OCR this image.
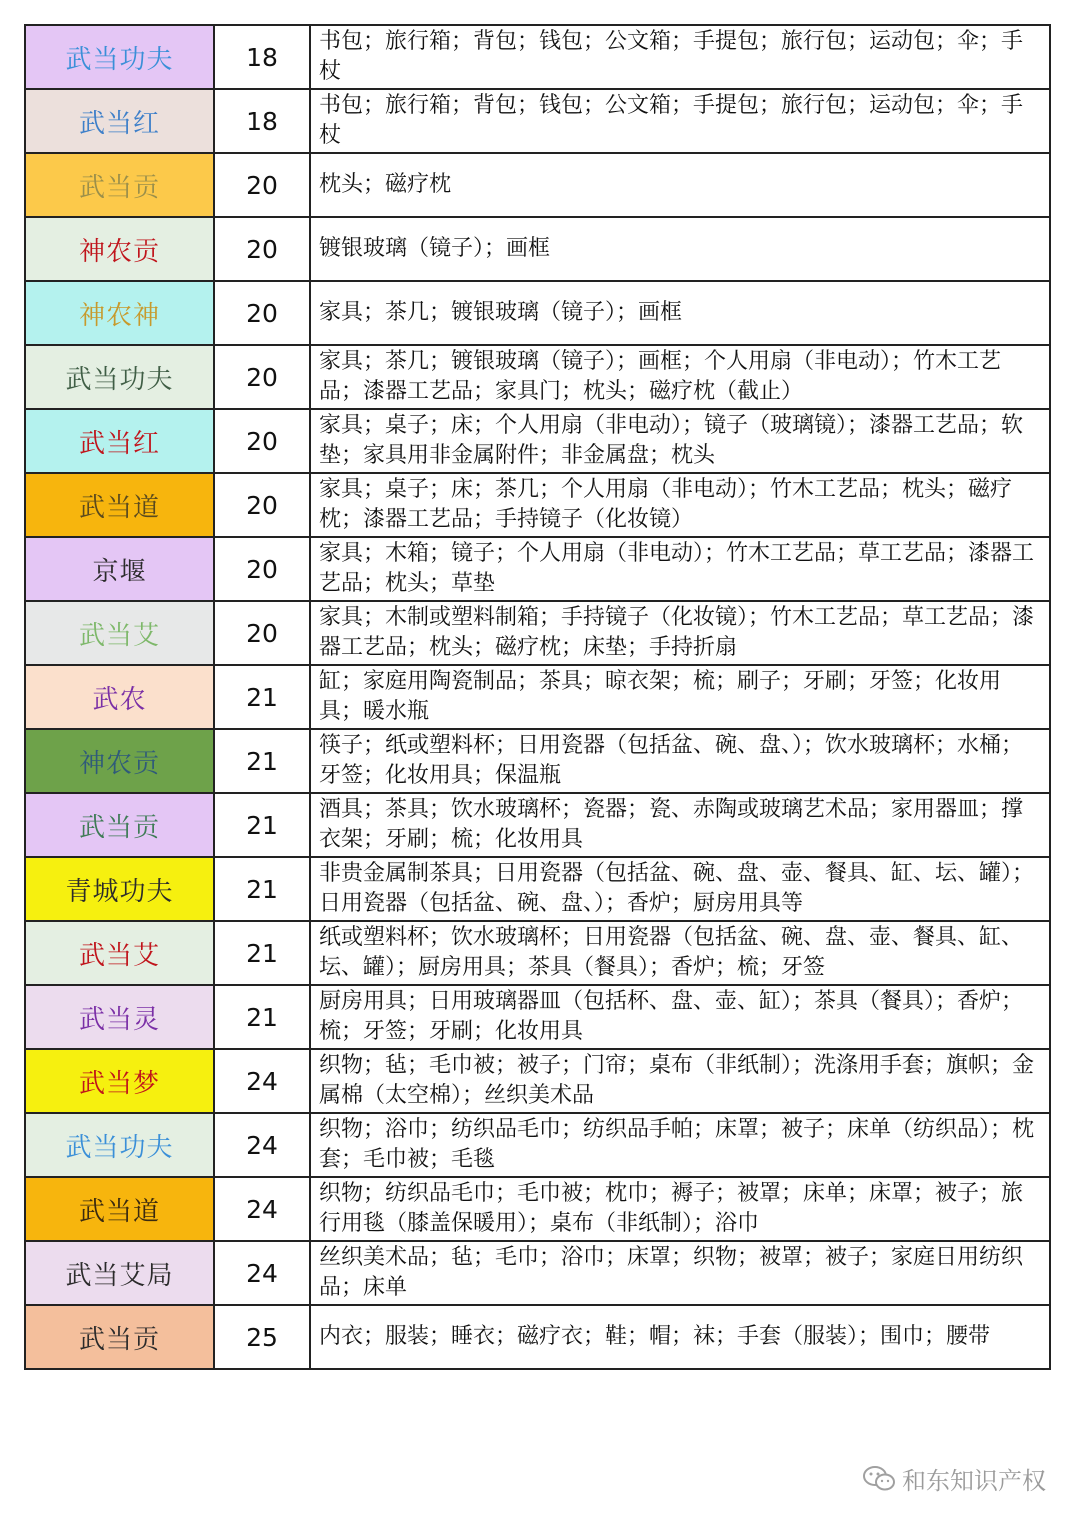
武当功夫	18	书包；旅行箱；背包；钱包；公文箱；手提包；旅行包；运动包；伞；手杖
武当红	18	书包；旅行箱；背包；钱包；公文箱；手提包；旅行包；运动包；伞；手杖
武当贡	20	枕头；磁疗枕
神农贡	20	镀银玻璃（镜子）；画框
神农神	20	家具；茶几；镀银玻璃（镜子）；画框
武当功夫	20	家具；茶几；镀银玻璃（镜子）；画框；个人用扇（非电动）；竹木工艺品；漆器工艺品；家具门；枕头；磁疗枕（截止）
武当红	20	家具；桌子；床；个人用扇（非电动）；镜子（玻璃镜）；漆器工艺品；软垫；家具用非金属附件；非金属盘；枕头
武当道	20	家具；桌子；床；茶几；个人用扇（非电动）；竹木工艺品；枕头；磁疗枕；漆器工艺品；手持镜子（化妆镜）
京堰	20	家具；木箱；镜子；个人用扇（非电动）；竹木工艺品；草工艺品；漆器工艺品；枕头；草垫
武当艾	20	家具；木制或塑料制箱；手持镜子（化妆镜）；竹木工艺品；草工艺品；漆器工艺品；枕头；磁疗枕；床垫；手持折扇
武农	21	缸；家庭用陶瓷制品；茶具；晾衣架；梳；刷子；牙刷；牙签；化妆用具；暖水瓶
神农贡	21	筷子；纸或塑料杯；日用瓷器（包括盆、碗、盘、）；饮水玻璃杯；水桶；牙签；化妆用具；保温瓶
武当贡	21	酒具；茶具；饮水玻璃杯；瓷器；瓷、赤陶或玻璃艺术品；家用器皿；撑衣架；牙刷；梳；化妆用具
青城功夫	21	非贵金属制茶具；日用瓷器（包括盆、碗、盘、壶、餐具、缸、坛、罐）；日用瓷器（包括盆、碗、盘、）；香炉；厨房用具等
武当艾	21	纸或塑料杯；饮水玻璃杯；日用瓷器（包括盆、碗、盘、壶、餐具、缸、坛、罐）；厨房用具；茶具（餐具）；香炉；梳；牙签
武当灵	21	厨房用具；日用玻璃器皿（包括杯、盘、壶、缸）；茶具（餐具）；香炉；梳；牙签；牙刷；化妆用具
武当梦	24	织物；毡；毛巾被；被子；门帘；桌布（非纸制）；洗涤用手套；旗帜；金属棉（太空棉）；丝织美术品
武当功夫	24	织物；浴巾；纺织品毛巾；纺织品手帕；床罩；被子；床单（纺织品）；枕套；毛巾被；毛毯
武当道	24	织物；纺织品毛巾；毛巾被；枕巾；褥子；被罩；床单；床罩；被子；旅行用毯（膝盖保暖用）；桌布（非纸制）；浴巾
武当艾局	24	丝织美术品；毡；毛巾；浴巾；床罩；织物；被罩；被子；家庭日用纺织品；床单
武当贡	25	内衣；服装；睡衣；磁疗衣；鞋；帽；袜；手套（服装）；围巾；腰带
和东知识产权
